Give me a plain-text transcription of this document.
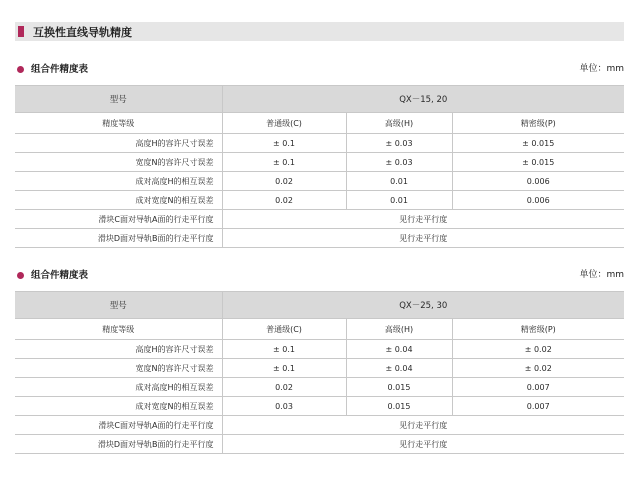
互换性直线导轨精度
组合件精度表	单位：mm
型号	QX－15, 20		
精度等级	普通级(C)	高级(H)	精密级(P)
高度H的容许尺寸误差	± 0.1	± 0.03	± 0.015
宽度N的容许尺寸误差	± 0.1	± 0.03	± 0.015
成对高度H的相互误差	0.02	0.01	0.006
成对宽度N的相互误差	0.02	0.01	0.006
滑块C面对导轨A面的行走平行度	见行走平行度		
滑块D面对导轨B面的行走平行度	见行走平行度		
组合件精度表	单位：mm
型号	QX－25, 30		
精度等级	普通级(C)	高级(H)	精密级(P)
高度H的容许尺寸误差	± 0.1	± 0.04	± 0.02
宽度N的容许尺寸误差	± 0.1	± 0.04	± 0.02
成对高度H的相互误差	0.02	0.015	0.007
成对宽度N的相互误差	0.03	0.015	0.007
滑块C面对导轨A面的行走平行度	见行走平行度		
滑块D面对导轨B面的行走平行度	见行走平行度		
